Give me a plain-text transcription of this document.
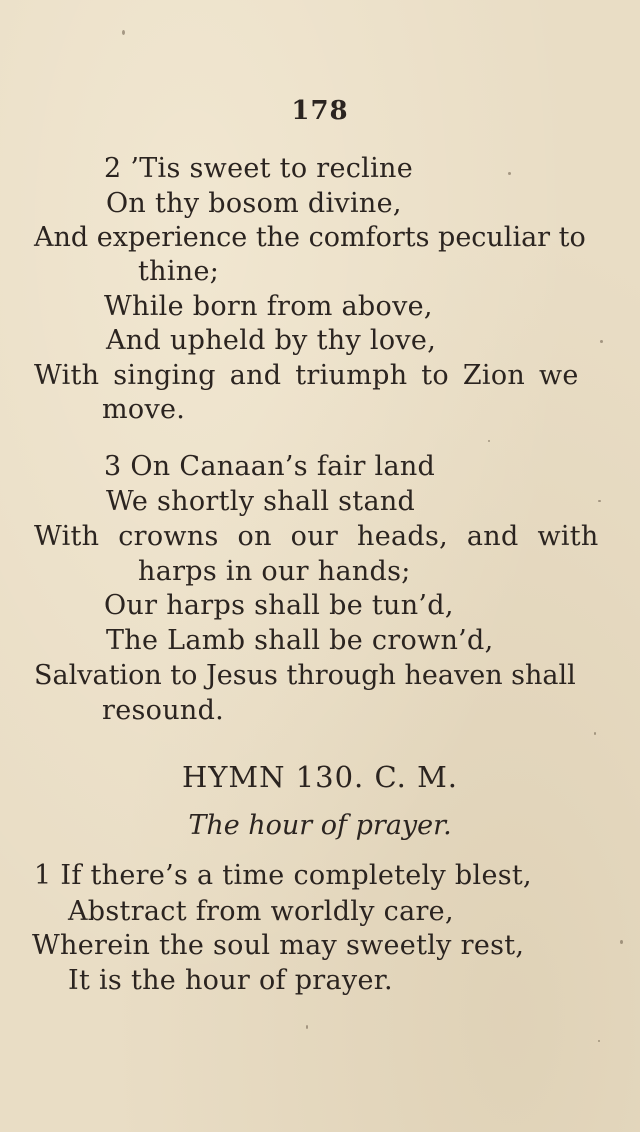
178
2 ’Tis sweet to recline
On thy bosom divine,
And experience the comforts peculiar to
thine;
While born from above,
And upheld by thy love,
With singing and triumph to Zion we
move.
3 On Canaan’s fair land
We shortly shall stand
With crowns on our heads, and with
harps in our hands;
Our harps shall be tun’d,
The Lamb shall be crown’d,
Salvation to Jesus through heaven shall
resound.
HYMN 130. C. M.
The hour of prayer.
1 If there’s a time completely blest,
Abstract from worldly care,
Wherein the soul may sweetly rest,
It is the hour of prayer.
